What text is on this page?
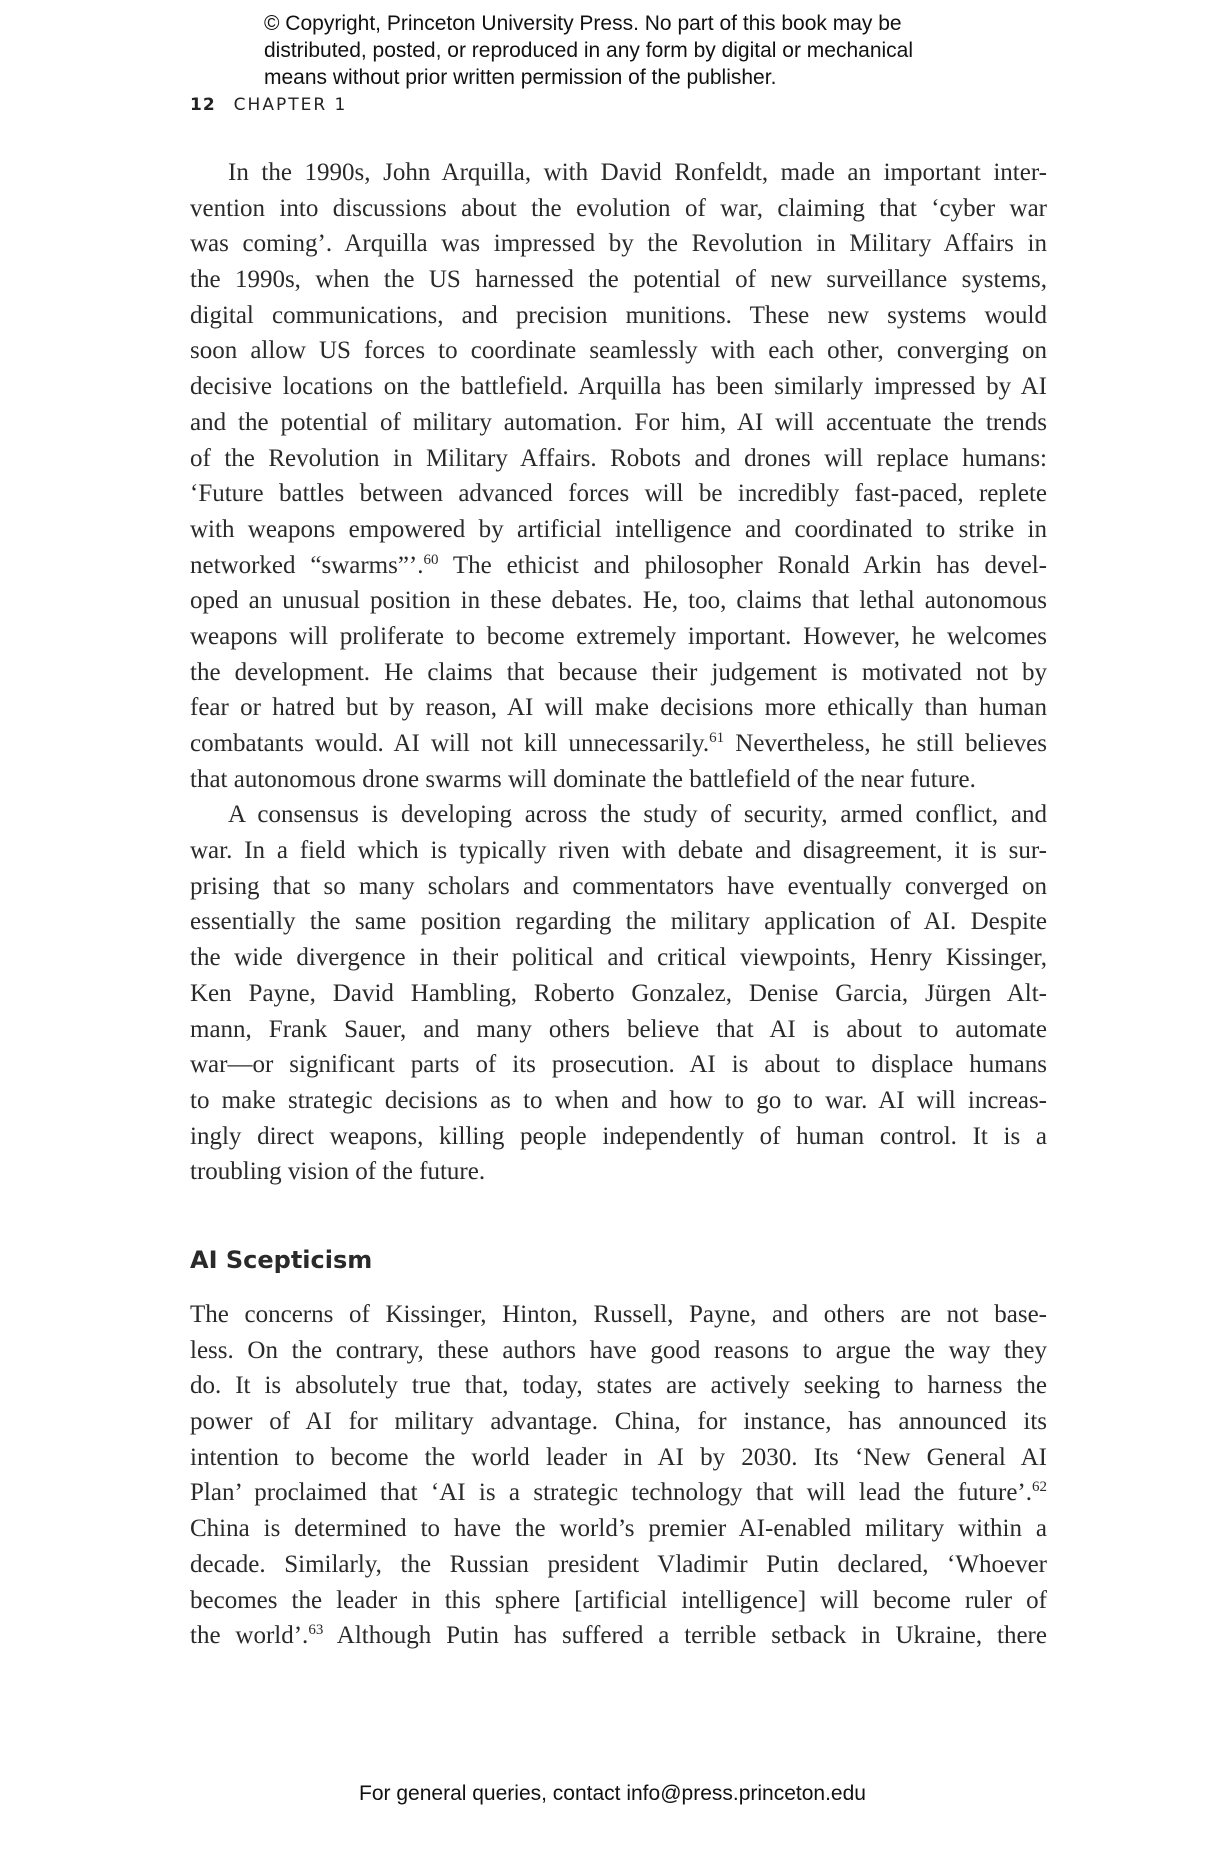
© Copyright, Princeton University Press. No part of this book may be
distributed, posted, or reproduced in any form by digital or mechanical
means without prior written permission of the publisher.
12 CHAPTER 1
In the 1990s, John Arquilla, with David Ronfeldt, made an important inter-
vention into discussions about the evolution of war, claiming that ‘cyber war
was coming’. Arquilla was impressed by the Revolution in Military Affairs in
the 1990s, when the US harnessed the potential of new surveillance systems,
digital communications, and precision munitions. These new systems would
soon allow US forces to coordinate seamlessly with each other, converging on
decisive locations on the battlefield. Arquilla has been similarly impressed by AI
and the potential of military automation. For him, AI will accentuate the trends
of the Revolution in Military Affairs. Robots and drones will replace humans:
‘Future battles between advanced forces will be incredibly fast-paced, replete
with weapons empowered by artificial intelligence and coordinated to strike in
networked “swarms”’.$^{60}$ The ethicist and philosopher Ronald Arkin has devel-
oped an unusual position in these debates. He, too, claims that lethal autonomous
weapons will proliferate to become extremely important. However, he welcomes
the development. He claims that because their judgement is motivated not by
fear or hatred but by reason, AI will make decisions more ethically than human
combatants would. AI will not kill unnecessarily.$^{61}$ Nevertheless, he still believes
that autonomous drone swarms will dominate the battlefield of the near future.
A consensus is developing across the study of security, armed conflict, and
war. In a field which is typically riven with debate and disagreement, it is sur-
prising that so many scholars and commentators have eventually converged on
essentially the same position regarding the military application of AI. Despite
the wide divergence in their political and critical viewpoints, Henry Kissinger,
Ken Payne, David Hambling, Roberto Gonzalez, Denise Garcia, Jürgen Alt-
mann, Frank Sauer, and many others believe that AI is about to automate
war—or significant parts of its prosecution. AI is about to displace humans
to make strategic decisions as to when and how to go to war. AI will increas-
ingly direct weapons, killing people independently of human control. It is a
troubling vision of the future.
AI Scepticism
The concerns of Kissinger, Hinton, Russell, Payne, and others are not base-
less. On the contrary, these authors have good reasons to argue the way they
do. It is absolutely true that, today, states are actively seeking to harness the
power of AI for military advantage. China, for instance, has announced its
intention to become the world leader in AI by 2030. Its ‘New General AI
Plan’ proclaimed that ‘AI is a strategic technology that will lead the future’.$^{62}$
China is determined to have the world’s premier AI-enabled military within a
decade. Similarly, the Russian president Vladimir Putin declared, ‘Whoever
becomes the leader in this sphere [artificial intelligence] will become ruler of
the world’.$^{63}$ Although Putin has suffered a terrible setback in Ukraine, there
For general queries, contact info@press.princeton.edu
